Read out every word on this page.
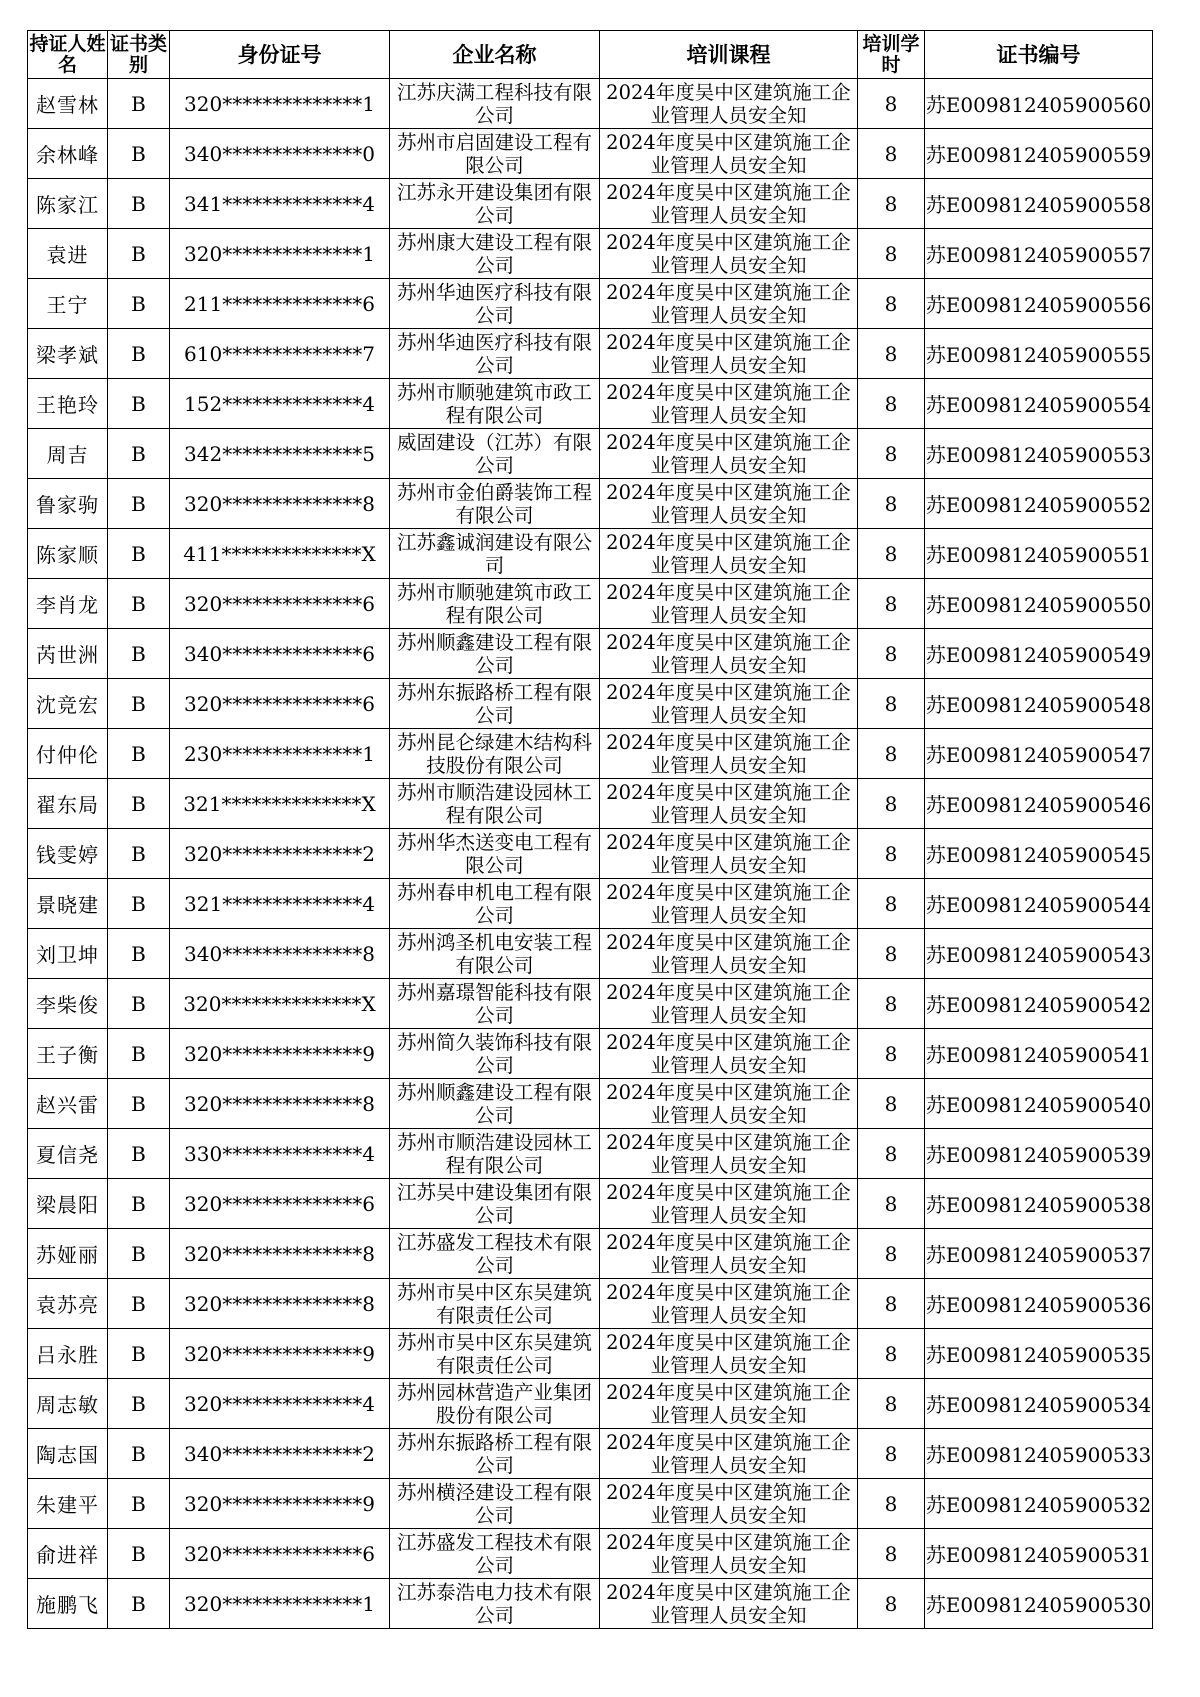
持证人姓名	证书类别	身份证号	企业名称	培训课程	培训学时	证书编号
赵雪林	B	320**************1	江苏庆满工程科技有限公司	2024年度吴中区建筑施工企业管理人员安全知	8	苏E009812405900560
余林峰	B	340**************0	苏州市启固建设工程有限公司	2024年度吴中区建筑施工企业管理人员安全知	8	苏E009812405900559
陈家江	B	341**************4	江苏永开建设集团有限公司	2024年度吴中区建筑施工企业管理人员安全知	8	苏E009812405900558
袁进	B	320**************1	苏州康大建设工程有限公司	2024年度吴中区建筑施工企业管理人员安全知	8	苏E009812405900557
王宁	B	211**************6	苏州华迪医疗科技有限公司	2024年度吴中区建筑施工企业管理人员安全知	8	苏E009812405900556
梁孝斌	B	610**************7	苏州华迪医疗科技有限公司	2024年度吴中区建筑施工企业管理人员安全知	8	苏E009812405900555
王艳玲	B	152**************4	苏州市顺驰建筑市政工程有限公司	2024年度吴中区建筑施工企业管理人员安全知	8	苏E009812405900554
周吉	B	342**************5	威固建设（江苏）有限公司	2024年度吴中区建筑施工企业管理人员安全知	8	苏E009812405900553
鲁家驹	B	320**************8	苏州市金伯爵装饰工程有限公司	2024年度吴中区建筑施工企业管理人员安全知	8	苏E009812405900552
陈家顺	B	411**************X	江苏鑫诚润建设有限公司	2024年度吴中区建筑施工企业管理人员安全知	8	苏E009812405900551
李肖龙	B	320**************6	苏州市顺驰建筑市政工程有限公司	2024年度吴中区建筑施工企业管理人员安全知	8	苏E009812405900550
芮世洲	B	340**************6	苏州顺鑫建设工程有限公司	2024年度吴中区建筑施工企业管理人员安全知	8	苏E009812405900549
沈竞宏	B	320**************6	苏州东振路桥工程有限公司	2024年度吴中区建筑施工企业管理人员安全知	8	苏E009812405900548
付仲伦	B	230**************1	苏州昆仑绿建木结构科技股份有限公司	2024年度吴中区建筑施工企业管理人员安全知	8	苏E009812405900547
翟东局	B	321**************X	苏州市顺浩建设园林工程有限公司	2024年度吴中区建筑施工企业管理人员安全知	8	苏E009812405900546
钱雯婷	B	320**************2	苏州华杰送变电工程有限公司	2024年度吴中区建筑施工企业管理人员安全知	8	苏E009812405900545
景晓建	B	321**************4	苏州春申机电工程有限公司	2024年度吴中区建筑施工企业管理人员安全知	8	苏E009812405900544
刘卫坤	B	340**************8	苏州鸿圣机电安装工程有限公司	2024年度吴中区建筑施工企业管理人员安全知	8	苏E009812405900543
李柴俊	B	320**************X	苏州嘉璟智能科技有限公司	2024年度吴中区建筑施工企业管理人员安全知	8	苏E009812405900542
王子衡	B	320**************9	苏州简久装饰科技有限公司	2024年度吴中区建筑施工企业管理人员安全知	8	苏E009812405900541
赵兴雷	B	320**************8	苏州顺鑫建设工程有限公司	2024年度吴中区建筑施工企业管理人员安全知	8	苏E009812405900540
夏信尧	B	330**************4	苏州市顺浩建设园林工程有限公司	2024年度吴中区建筑施工企业管理人员安全知	8	苏E009812405900539
梁晨阳	B	320**************6	江苏吴中建设集团有限公司	2024年度吴中区建筑施工企业管理人员安全知	8	苏E009812405900538
苏娅丽	B	320**************8	江苏盛发工程技术有限公司	2024年度吴中区建筑施工企业管理人员安全知	8	苏E009812405900537
袁苏亮	B	320**************8	苏州市吴中区东吴建筑有限责任公司	2024年度吴中区建筑施工企业管理人员安全知	8	苏E009812405900536
吕永胜	B	320**************9	苏州市吴中区东吴建筑有限责任公司	2024年度吴中区建筑施工企业管理人员安全知	8	苏E009812405900535
周志敏	B	320**************4	苏州园林营造产业集团股份有限公司	2024年度吴中区建筑施工企业管理人员安全知	8	苏E009812405900534
陶志国	B	340**************2	苏州东振路桥工程有限公司	2024年度吴中区建筑施工企业管理人员安全知	8	苏E009812405900533
朱建平	B	320**************9	苏州横泾建设工程有限公司	2024年度吴中区建筑施工企业管理人员安全知	8	苏E009812405900532
俞进祥	B	320**************6	江苏盛发工程技术有限公司	2024年度吴中区建筑施工企业管理人员安全知	8	苏E009812405900531
施鹏飞	B	320**************1	江苏泰浩电力技术有限公司	2024年度吴中区建筑施工企业管理人员安全知	8	苏E009812405900530
